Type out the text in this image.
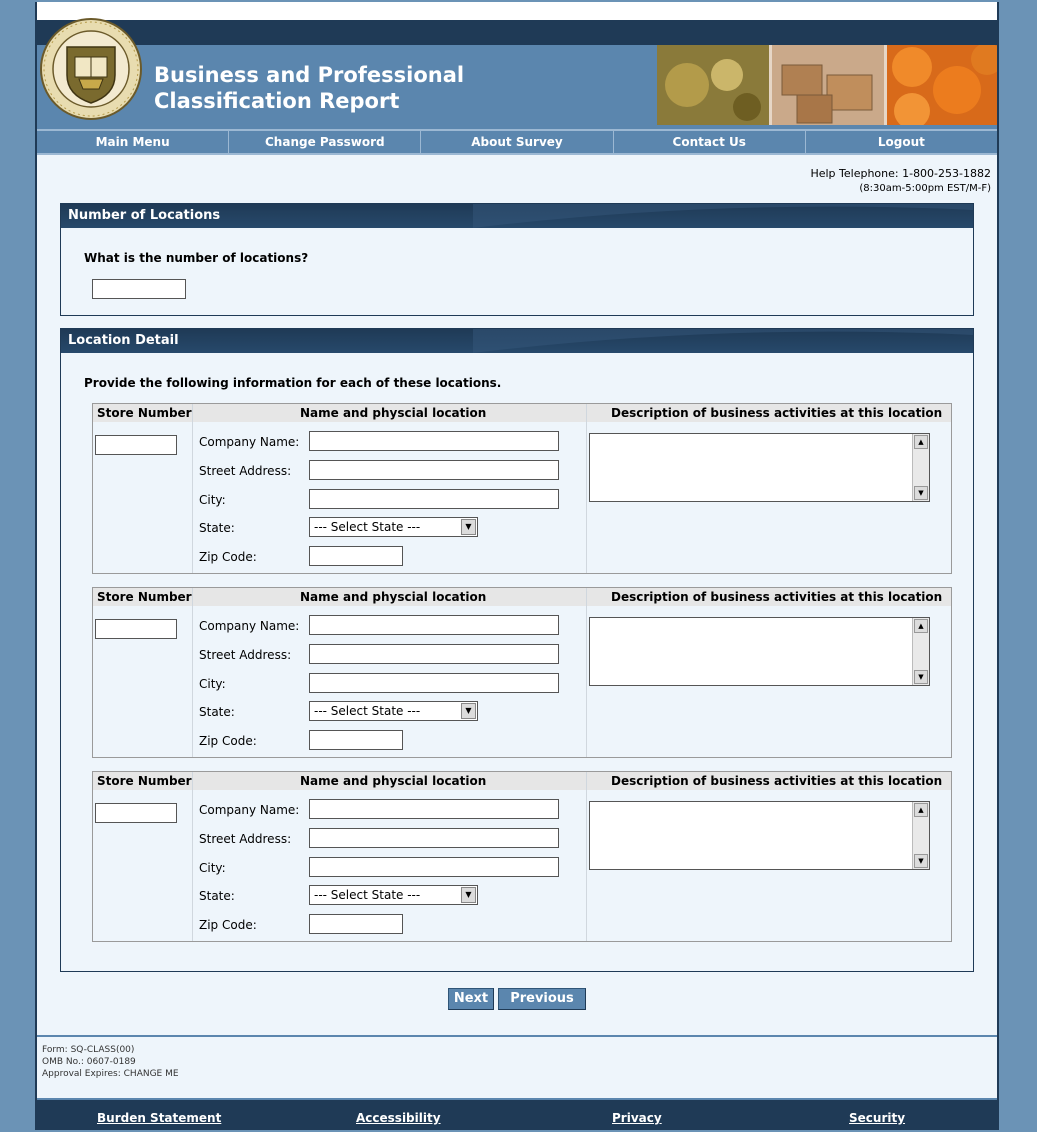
Business and Professional
Classification Report
Main Menu	Change Password	About Survey	Contact Us	Logout
Help Telephone: 1-800-253-1882
(8:30am-5:00pm EST/M-F)
Number of Locations
What is the number of locations?
Location Detail
Provide the following information for each of these locations.
Store Number	Name and physcial location	Description of business activities at this location
Company Name:
Street Address:
City:
State:	--- Select State ---	▼
Zip Code:
▲
▼
Store Number	Name and physcial location	Description of business activities at this location
Company Name:
Street Address:
City:
State:	--- Select State ---	▼
Zip Code:
▲
▼
Store Number	Name and physcial location	Description of business activities at this location
Company Name:
Street Address:
City:
State:	--- Select State ---	▼
Zip Code:
▲
▼
Next	Previous
Form: SQ-CLASS(00)
OMB No.: 0607-0189
Approval Expires: CHANGE ME
Burden Statement	Accessibility	Privacy	Security
